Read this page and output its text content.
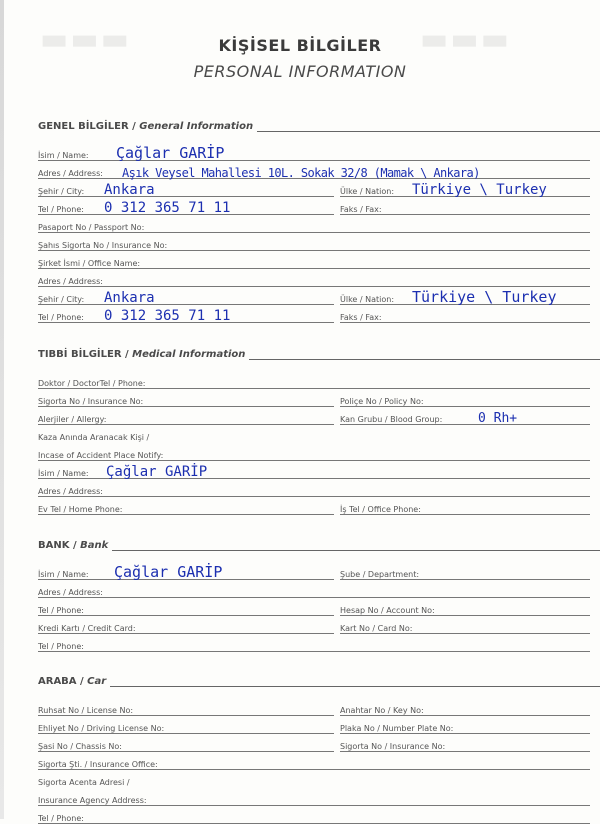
▬▬▬	▬▬▬
KİŞİSEL BİLGİLER
PERSONAL INFORMATION
GENEL BİLGİLER / General Information
İsim / Name: Çağlar GARİP
Adres / Address: Aşık Veysel Mahallesi 10L. Sokak 32/8 (Mamak \ Ankara)
Şehir / City: Ankara	Ülke / Nation: Türkiye \ Turkey
Tel / Phone: 0 312 365 71 11	Faks / Fax:
Pasaport No / Passport No:
Şahıs Sigorta No / Insurance No:
Şirket İsmi / Office Name:
Adres / Address:
Şehir / City: Ankara	Ülke / Nation: Türkiye \ Turkey
Tel / Phone: 0 312 365 71 11	Faks / Fax:
TIBBİ BİLGİLER / Medical Information
Doktor / DoctorTel / Phone:
Sigorta No / Insurance No:	Poliçe No / Policy No:
Alerjiler / Allergy:	Kan Grubu / Blood Group:	0 Rh+
Kaza Anında Aranacak Kişi /
Incase of Accident Place Notify:
İsim / Name: Çağlar GARİP
Adres / Address:
Ev Tel / Home Phone:	İş Tel / Office Phone:
BANK / Bank
İsim / Name: Çağlar GARİP	Şube / Department:
Adres / Address:
Tel / Phone:	Hesap No / Account No:
Kredi Kartı / Credit Card:	Kart No / Card No:
Tel / Phone:
ARABA / Car
Ruhsat No / License No:	Anahtar No / Key No:
Ehliyet No / Driving License No:	Plaka No / Number Plate No:
Şasi No / Chassis No:	Sigorta No / Insurance No:
Sigorta Şti. / Insurance Office:
Sigorta Acenta Adresi /
Insurance Agency Address:
Tel / Phone:
